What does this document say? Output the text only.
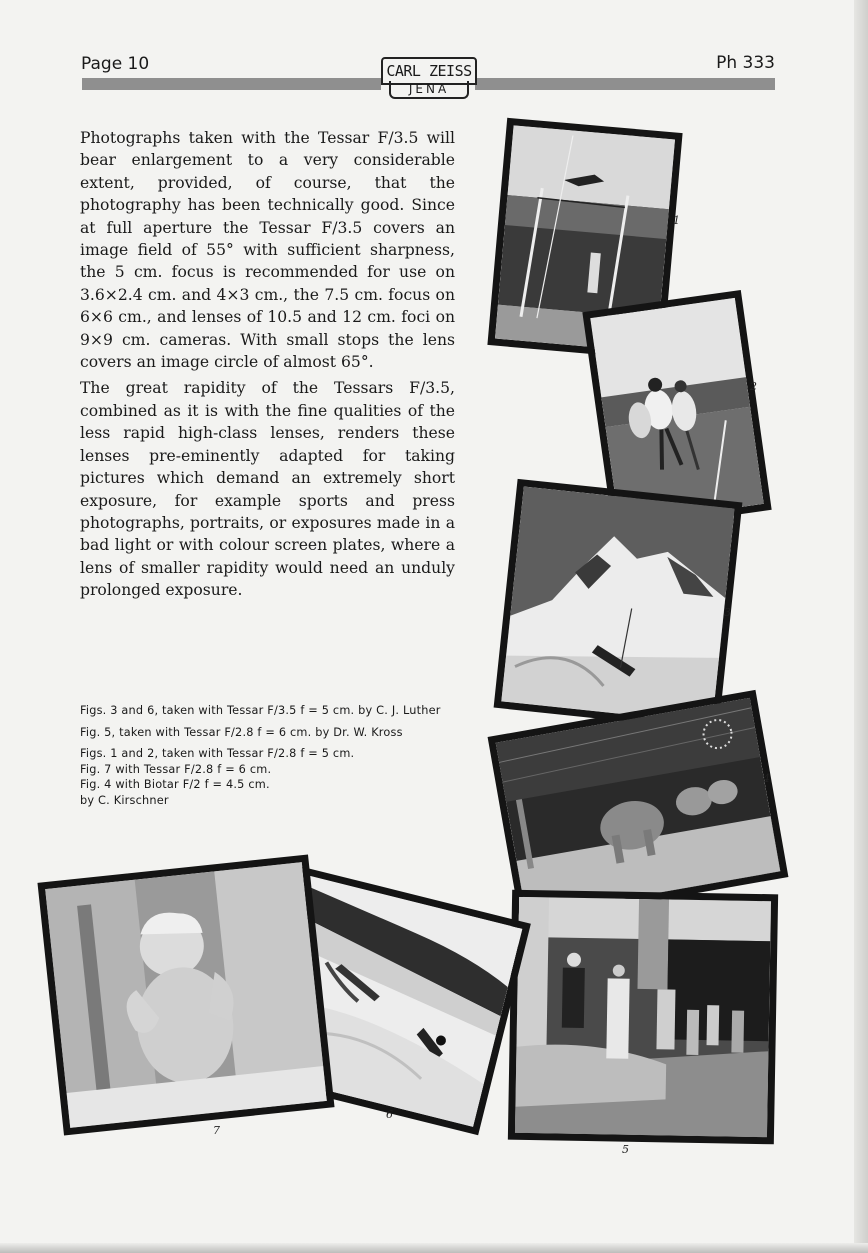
Page 10	Ph 333
CARL ZEISS
JENA

Photographs taken with the Tessar F/3.5 will bear enlargement to a very considerable extent, provided, of course, that the photography has been technically good. Since at full aperture the Tessar F/3.5 covers an image field of 55° with sufficient sharpness, the 5 cm. focus is recommended for use on 3.6×2.4 cm. and 4×3 cm., the 7.5 cm. focus on 6×6 cm., and lenses of 10.5 and 12 cm. foci on 9×9 cm. cameras. With small stops the lens covers an image circle of almost 65°.

The great rapidity of the Tessars F/3.5, combined as it is with the fine qualities of the less rapid high-class lenses, renders these lenses pre-eminently adapted for taking pictures which demand an extremely short exposure, for example sports and press photographs, portraits, or exposures made in a bad light or with colour screen plates, where a lens of smaller rapidity would need an unduly prolonged exposure.

Figs. 3 and 6, taken with Tessar F/3.5 f = 5 cm. by C. J. Luther

Fig. 5, taken with Tessar F/2.8 f = 6 cm. by Dr. W. Kross

Figs. 1 and 2, taken with Tessar F/2.8 f = 5 cm.

Fig. 7 with Tessar F/2.8 f = 6 cm.

Fig. 4 with Biotar F/2 f = 4.5 cm.

by C. Kirschner

1
2
3
4
5
6
7
